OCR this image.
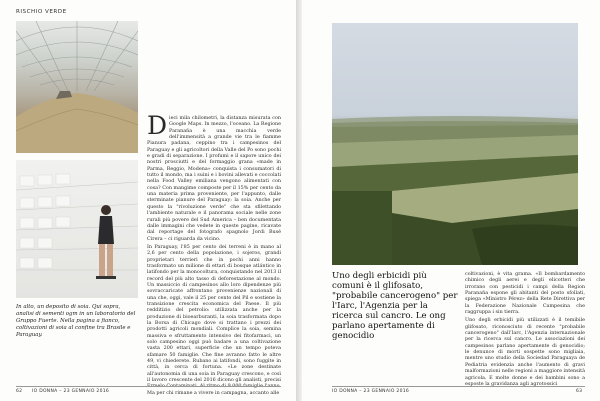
RISCHIO VERDE
In alto, un deposito di soia. Qui sopra, analisi di sementi ogm in un laboratorio del Gruppo Fuerte. Nella pagina a fianco, coltivazioni di soia al confine tra Brasile e Paraguay.

Dieci mila chilometri, la distanza misurata con Google Maps. In mezzo, l'oceano. La Regione Paranaña è una macchia verde dell'immensità a grande vie tra le fiamme Pianura padana, ceppino tra i campesinos del Paraguay e gli agricoltori della Valle del Po sono pochi e gradi di separazione. I profumi e il sapore unico dei nostri prosciutti e del formaggio grana «made in Parma, Reggio, Modena» conquista i consumatori di tutto il mondo, ma i suini e i bovini allevati e coccolati nella Food Valley emiliana vengono alimentati con cosa? Con mangime composte per il 15% per cento da una materia prima proveniente, per l'appunto, dalle sterminate pianure del Paraguay: la soia. Anche per questo la "rivoluzione verde" che sta sfilettando l'ambiente naturale e il panorama sociale nelle zone rurali più povere del Sud America – ben documentata dalle immagini che vedete in queste pagine, ricavate dal reportage del fotografo spagnolo Jordi Busé Cirera – ci riguarda da vicino.

In Paraguay, l'85 per cento dei terreni è in mano al 2,6 per cento della popolazione, i sojeros, grandi proprietari terrieri che in pochi anni hanno trasformato un milione di ettari di bosque atlántico in latifondo per la monocoltura, conquistando nel 2013 il record del più alto tasso di deforestazione al mondo. Un massiccio di campesinos allo loro dipendenze più sovraccaricate affrontano provenienze nazionali di una che, oggi, vale il 25 per cento del Pil e sostiene la transizione crescita economica del Paese. Il più redditizio del petrolio: utilizzata anche per la produzione di bioearburanti, la soia trasformata dopo la Borsa di Chicago dove si trattano i prezzi dei prodotti agricoli mondiali. Complice la soia, semina massiva e sfruttamento intensivo dei fitofarmaci, un solo campesino oggi può badare a una coltivazione vasta 200 ettari, superficie che un tempo poteva sfamare 50 famiglie. Che fine avranno fatto le altre 49, vi chiederete. Rubano ai latifondi, sono fuggite in città, in cerca di fortuna. «Le zone destinate all'autonomia di una soia in Paraguay crescono, e così il lavoro crescente del 2016 dicono gli analisti, precisi Ermelo Contaminati. Al ritmo di 9.000 famiglie l'anno. Ma per chi rimane a vivere in campagna, accanto alle

62 IO DONNA – 23 GENNAIO 2016
Uno degli erbicidi più comuni è il glifosato, "probabile cancerogeno" per l'Iarc, l'Agenzia per la ricerca sul cancro. Le ong parlano apertamente di genocidio

coltivazioni, è vita grama. «Il bombardamento chimico degli aerei e degli elicotteri che irrorano con pesticidi i campi della Region Paranaña espone gli abitanti del posto sfollati, spiega «Ministro Pérez» della Rete Direttiva per la Federazione Nazionale Campesina che raggruppa i sin tierra.

Uno degli erbicidi più utilizzati è il temibile glifosato, riconosciuto di recente "probabile cancerogeno" dall'Iarc, l'Agenzia internazionale per la ricerca sul cancro. Le associazioni dei campesinos parlano apertamente di genocidio; le denunce di morti sospette sono migliaia, mentre uno studio della Sociedad Paraguaya de Pediatria evidenzia anche l'aumento di gravi malformazioni nelle regioni a maggiore intensità agricola. E molte donne e dei bambini sono a esposte la gravidanza agli agrotossici

IO DONNA – 23 GENNAIO 2016	63
